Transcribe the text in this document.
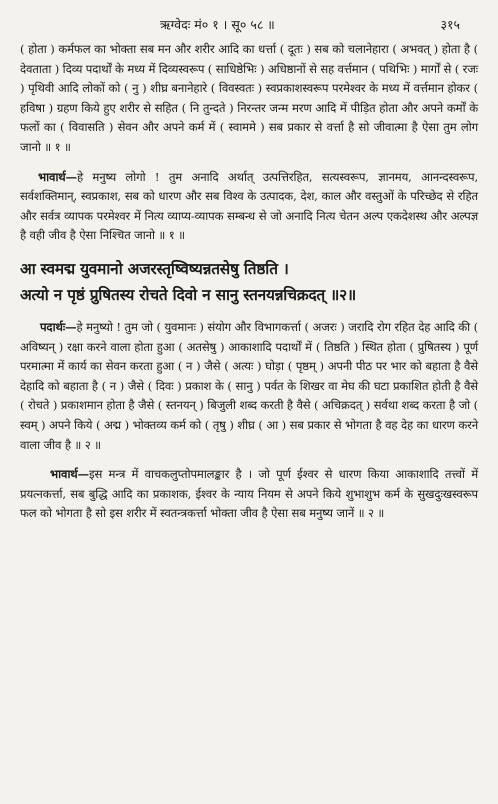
ऋग्वेदः मं० १ । सू० ५८ ॥	३१५

( होता ) कर्मफल का भोक्ता सब मन और शरीर आदि का धर्त्ता ( दूतः ) सब को चलानेहारा ( अभवत् ) होता है ( देवताता ) दिव्य पदार्थों के मध्य में दिव्यस्वरूप ( साधिष्ठेभिः ) अधिष्ठानों से सह वर्त्तमान ( पथिभिः ) मार्गों से ( रजः ) पृथिवी आदि लोकों को ( नु ) शीघ्र बनानेहारे ( विवस्वतः ) स्वप्रकाशस्वरूप परमेश्वर के मध्य में वर्त्तमान होकर ( हविषा ) ग्रहण किये हुए शरीर से सहित ( नि तुन्दते ) निरन्तर जन्म मरण आदि में पीड़ित होता और अपने कर्मों के फलों का ( विवासति ) सेवन और अपने कर्म में ( स्वाममे ) सब प्रकार से वर्त्ता है सो जीवात्मा है ऐसा तुम लोग जानो ॥ १ ॥

भावार्थ—हे मनुष्य लोगो ! तुम अनादि अर्थात् उत्पत्तिरहित, सत्यस्वरूप, ज्ञानमय, आनन्दस्वरूप, सर्वशक्तिमान्, स्वप्रकाश, सब को धारण और सब विश्व के उत्पादक, देश, काल और वस्तुओं के परिच्छेद से रहित और सर्वत्र व्यापक परमेश्वर में नित्य व्याप्य-व्यापक सम्बन्ध से जो अनादि नित्य चेतन अल्प एकदेशस्थ और अल्पज्ञ है वही जीव है ऐसा निश्चित जानो ॥ १ ॥

आ स्वमद्म युवमानो अजरस्तृष्विष्यन्नतसेषु तिष्ठति ।
अत्यो न पृष्ठं प्रुषितस्य रोचते दिवो न सानु स्तनयन्नचिक्रदत् ॥२॥

पदार्थः—हे मनुष्यो ! तुम जो ( युवमानः ) संयोग और विभागकर्त्ता ( अजरः ) जरादि रोग रहित देह आदि की ( अविष्यन् ) रक्षा करने वाला होता हुआ ( अतसेषु ) आकाशादि पदार्थों में ( तिष्ठति ) स्थित होता ( प्रुषितस्य ) पूर्ण परमात्मा में कार्य का सेवन करता हुआ ( न ) जैसे ( अत्यः ) घोड़ा ( पृष्ठम् ) अपनी पीठ पर भार को बहाता है वैसे देहादि को बहाता है ( न ) जैसे ( दिवः ) प्रकाश के ( सानु ) पर्वत के शिखर वा मेघ की घटा प्रकाशित होती है वैसे ( रोचते ) प्रकाशमान होता है जैसे ( स्तनयन् ) बिजुली शब्द करती है वैसे ( अचिक्रदत् ) सर्वथा शब्द करता है जो ( स्वम् ) अपने किये ( अद्म ) भोक्तव्य कर्म को ( तृषु ) शीघ्र ( आ ) सब प्रकार से भोगता है वह देह का धारण करने वाला जीव है ॥ २ ॥

भावार्थ—इस मन्त्र में वाचकलुप्तोपमालङ्कार है । जो पूर्ण ईश्वर से धारण किया आकाशादि तत्त्वों में प्रयत्नकर्त्ता, सब बुद्धि आदि का प्रकाशक, ईश्वर के न्याय नियम से अपने किये शुभाशुभ कर्म के सुखदुःखस्वरूप फल को भोगता है सो इस शरीर में स्वतन्त्रकर्त्ता भोक्ता जीव है ऐसा सब मनुष्य जानें ॥ २ ॥
